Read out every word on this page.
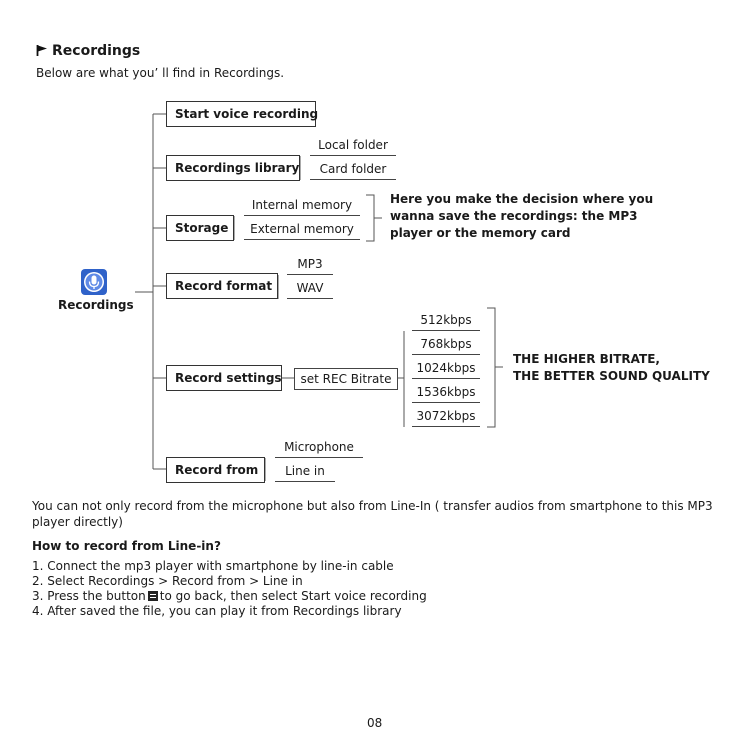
Recordings
Below are what you’ ll find in Recordings.
Recordings
Start voice recording
Recordings library
Local folder
Card folder
Storage
Internal memory
External memory
Here you make the decision where you
wanna save the recordings: the MP3
player or the memory card
Record format
MP3
WAV
Record settings	set REC Bitrate
512kbps
768kbps
1024kbps
1536kbps
3072kbps
THE HIGHER BITRATE,
THE BETTER SOUND QUALITY
Record from
Microphone
Line in
You can not only record from the microphone but also from Line-In ( transfer audios from smartphone to this MP3
player directly)
How to record from Line-in?
1. Connect the mp3 player with smartphone by line-in cable
2. Select Recordings > Record from > Line in
3. Press the button to go back, then select Start voice recording
4. After saved the file, you can play it from Recordings library
08
